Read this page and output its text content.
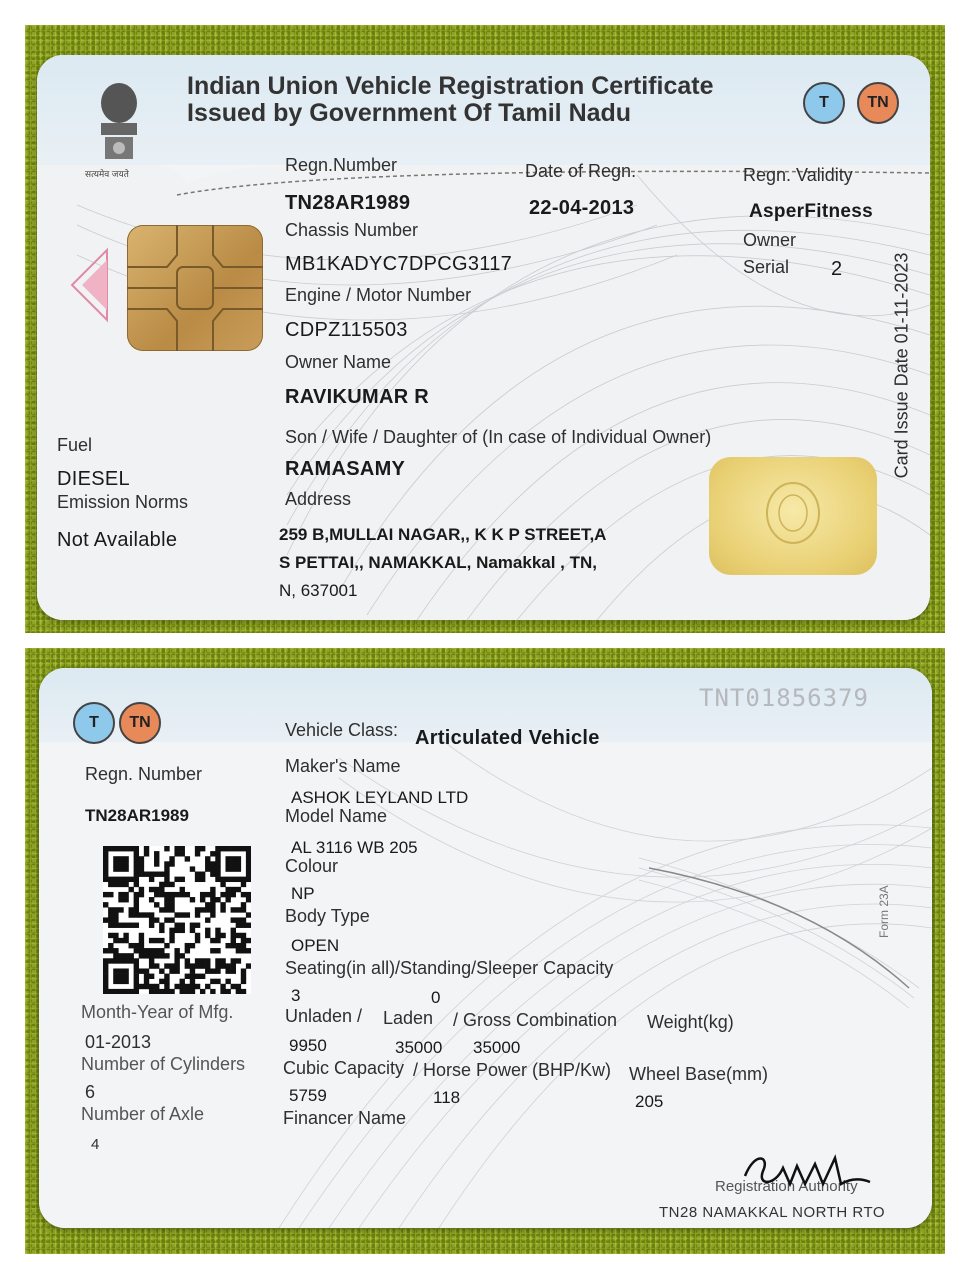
सत्यमेव जयते
Indian Union Vehicle Registration Certificate
Issued by Government Of Tamil Nadu	T	TN
Regn.Number
TN28AR1989
Date of Regn.
22-04-2013
Regn. Validity
AsperFitness
Owner
Serial 2
Chassis Number
MB1KADYC7DPCG3117
Engine / Motor Number
CDPZ115503
Owner Name
RAVIKUMAR R
Son / Wife / Daughter of (In case of Individual Owner)
RAMASAMY
Address
259 B,MULLAI NAGAR,, K K P STREET,A
S PETTAI,, NAMAKKAL, Namakkal , TN,
N, 637001
Fuel
DIESEL
Emission Norms
Not Available
Card Issue Date 01-11-2023
T	TN
TNT01856379
Vehicle Class: Articulated Vehicle
Regn. Number
TN28AR1989
Month-Year of Mfg.
01-2013
Number of Cylinders
6
Number of Axle
4
Maker's Name
ASHOK LEYLAND LTD
Model Name
AL 3116 WB 205
Colour
NP
Body Type
OPEN
Seating(in all)/Standing/Sleeper Capacity
3	0
Unladen / Laden / Gross Combination Weight(kg)
9950	35000 35000
Cubic Capacity / Horse Power (BHP/Kw) Wheel Base(mm)
5759	118	205
Financer Name
Form 23A
Registration Authority
TN28 NAMAKKAL NORTH RTO
